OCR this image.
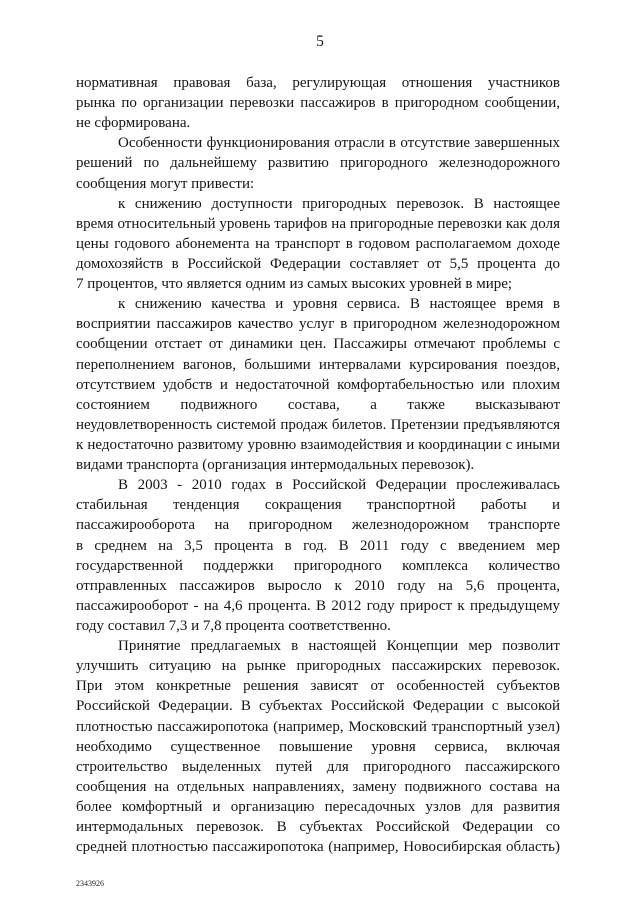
5
нормативная правовая база, регулирующая отношения участников
рынка по организации перевозки пассажиров в пригородном сообщении,
не сформирована.
Особенности функционирования отрасли в отсутствие завершенных
решений по дальнейшему развитию пригородного железнодорожного
сообщения могут привести:
к снижению доступности пригородных перевозок. В настоящее
время относительный уровень тарифов на пригородные перевозки как доля
цены годового абонемента на транспорт в годовом располагаемом доходе
домохозяйств в Российской Федерации составляет от 5,5 процента до
7 процентов, что является одним из самых высоких уровней в мире;
к снижению качества и уровня сервиса. В настоящее время в
восприятии пассажиров качество услуг в пригородном железнодорожном
сообщении отстает от динамики цен. Пассажиры отмечают проблемы с
переполнением вагонов, большими интервалами курсирования поездов,
отсутствием удобств и недостаточной комфортабельностью или плохим
состоянием подвижного состава, а также высказывают
неудовлетворенность системой продаж билетов. Претензии предъявляются
к недостаточно развитому уровню взаимодействия и координации с иными
видами транспорта (организация интермодальных перевозок).
В 2003 - 2010 годах в Российской Федерации прослеживалась
стабильная тенденция сокращения транспортной работы и
пассажирооборота на пригородном железнодорожном транспорте
в среднем на 3,5 процента в год. В 2011 году с введением мер
государственной поддержки пригородного комплекса количество
отправленных пассажиров выросло к 2010 году на 5,6 процента,
пассажирооборот - на 4,6 процента. В 2012 году прирост к предыдущему
году составил 7,3 и 7,8 процента соответственно.
Принятие предлагаемых в настоящей Концепции мер позволит
улучшить ситуацию на рынке пригородных пассажирских перевозок.
При этом конкретные решения зависят от особенностей субъектов
Российской Федерации. В субъектах Российской Федерации с высокой
плотностью пассажиропотока (например, Московский транспортный узел)
необходимо существенное повышение уровня сервиса, включая
строительство выделенных путей для пригородного пассажирского
сообщения на отдельных направлениях, замену подвижного состава на
более комфортный и организацию пересадочных узлов для развития
интермодальных перевозок. В субъектах Российской Федерации со
средней плотностью пассажиропотока (например, Новосибирская область)
2343926
